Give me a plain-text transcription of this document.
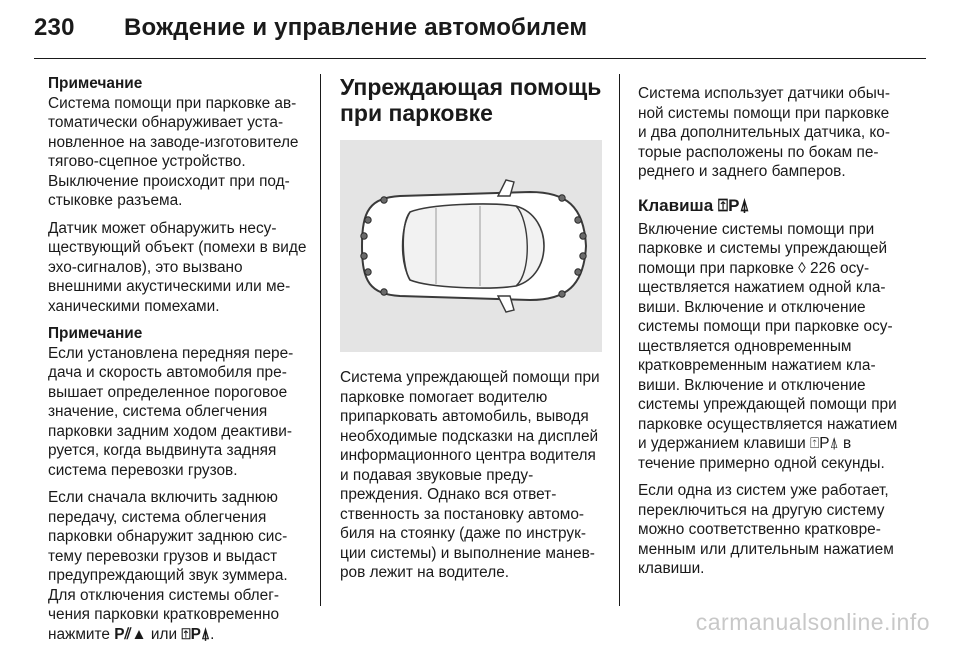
230	Вождение и управление автомобилем

Примечание
Система помощи при парковке автоматически обнаруживает установленное на заводе-изготовителе тягово-сцепное устройство. Выключение происходит при подстыковке разъема.

Датчик может обнаружить несуществующий объект (помехи в виде эхо-сигналов), это вызвано внешними акустическими или механическими помехами.

Примечание
Если установлена передняя передача и скорость автомобиля превышает определенное пороговое значение, система облегчения парковки задним ходом деактивируется, когда выдвинута задняя система перевозки грузов.

Если сначала включить заднюю передачу, система облегчения парковки обнаружит заднюю систему перевозки грузов и выдаст предупреждающий звук зуммера. Для отключения системы облегчения парковки кратковременно нажмите P⫽▲ или ⍐P⍋.

Упреждающая помощь при парковке

Система упреждающей помощи при парковке помогает водителю припарковать автомобиль, выводя необходимые подсказки на дисплей информационного центра водителя и подавая звуковые предупреждения. Однако вся ответственность за постановку автомобиля на стоянку (даже по инструкции системы) и выполнение маневров лежит на водителе.

Система использует датчики обычной системы помощи при парковке и два дополнительных датчика, которые расположены по бокам переднего и заднего бамперов.

Клавиша ⍐P⍋

Включение системы помощи при парковке и системы упреждающей помощи при парковке ◊ 226 осуществляется нажатием одной клавиши. Включение и отключение системы помощи при парковке осуществляется одновременным кратковременным нажатием клавиши. Включение и отключение системы упреждающей помощи при парковке осуществляется нажатием и удержанием клавиши ⍐P⍋ в течение примерно одной секунды.

Если одна из систем уже работает, переключиться на другую систему можно соответственно кратковременным или длительным нажатием клавиши.

carmanualsonline.info
